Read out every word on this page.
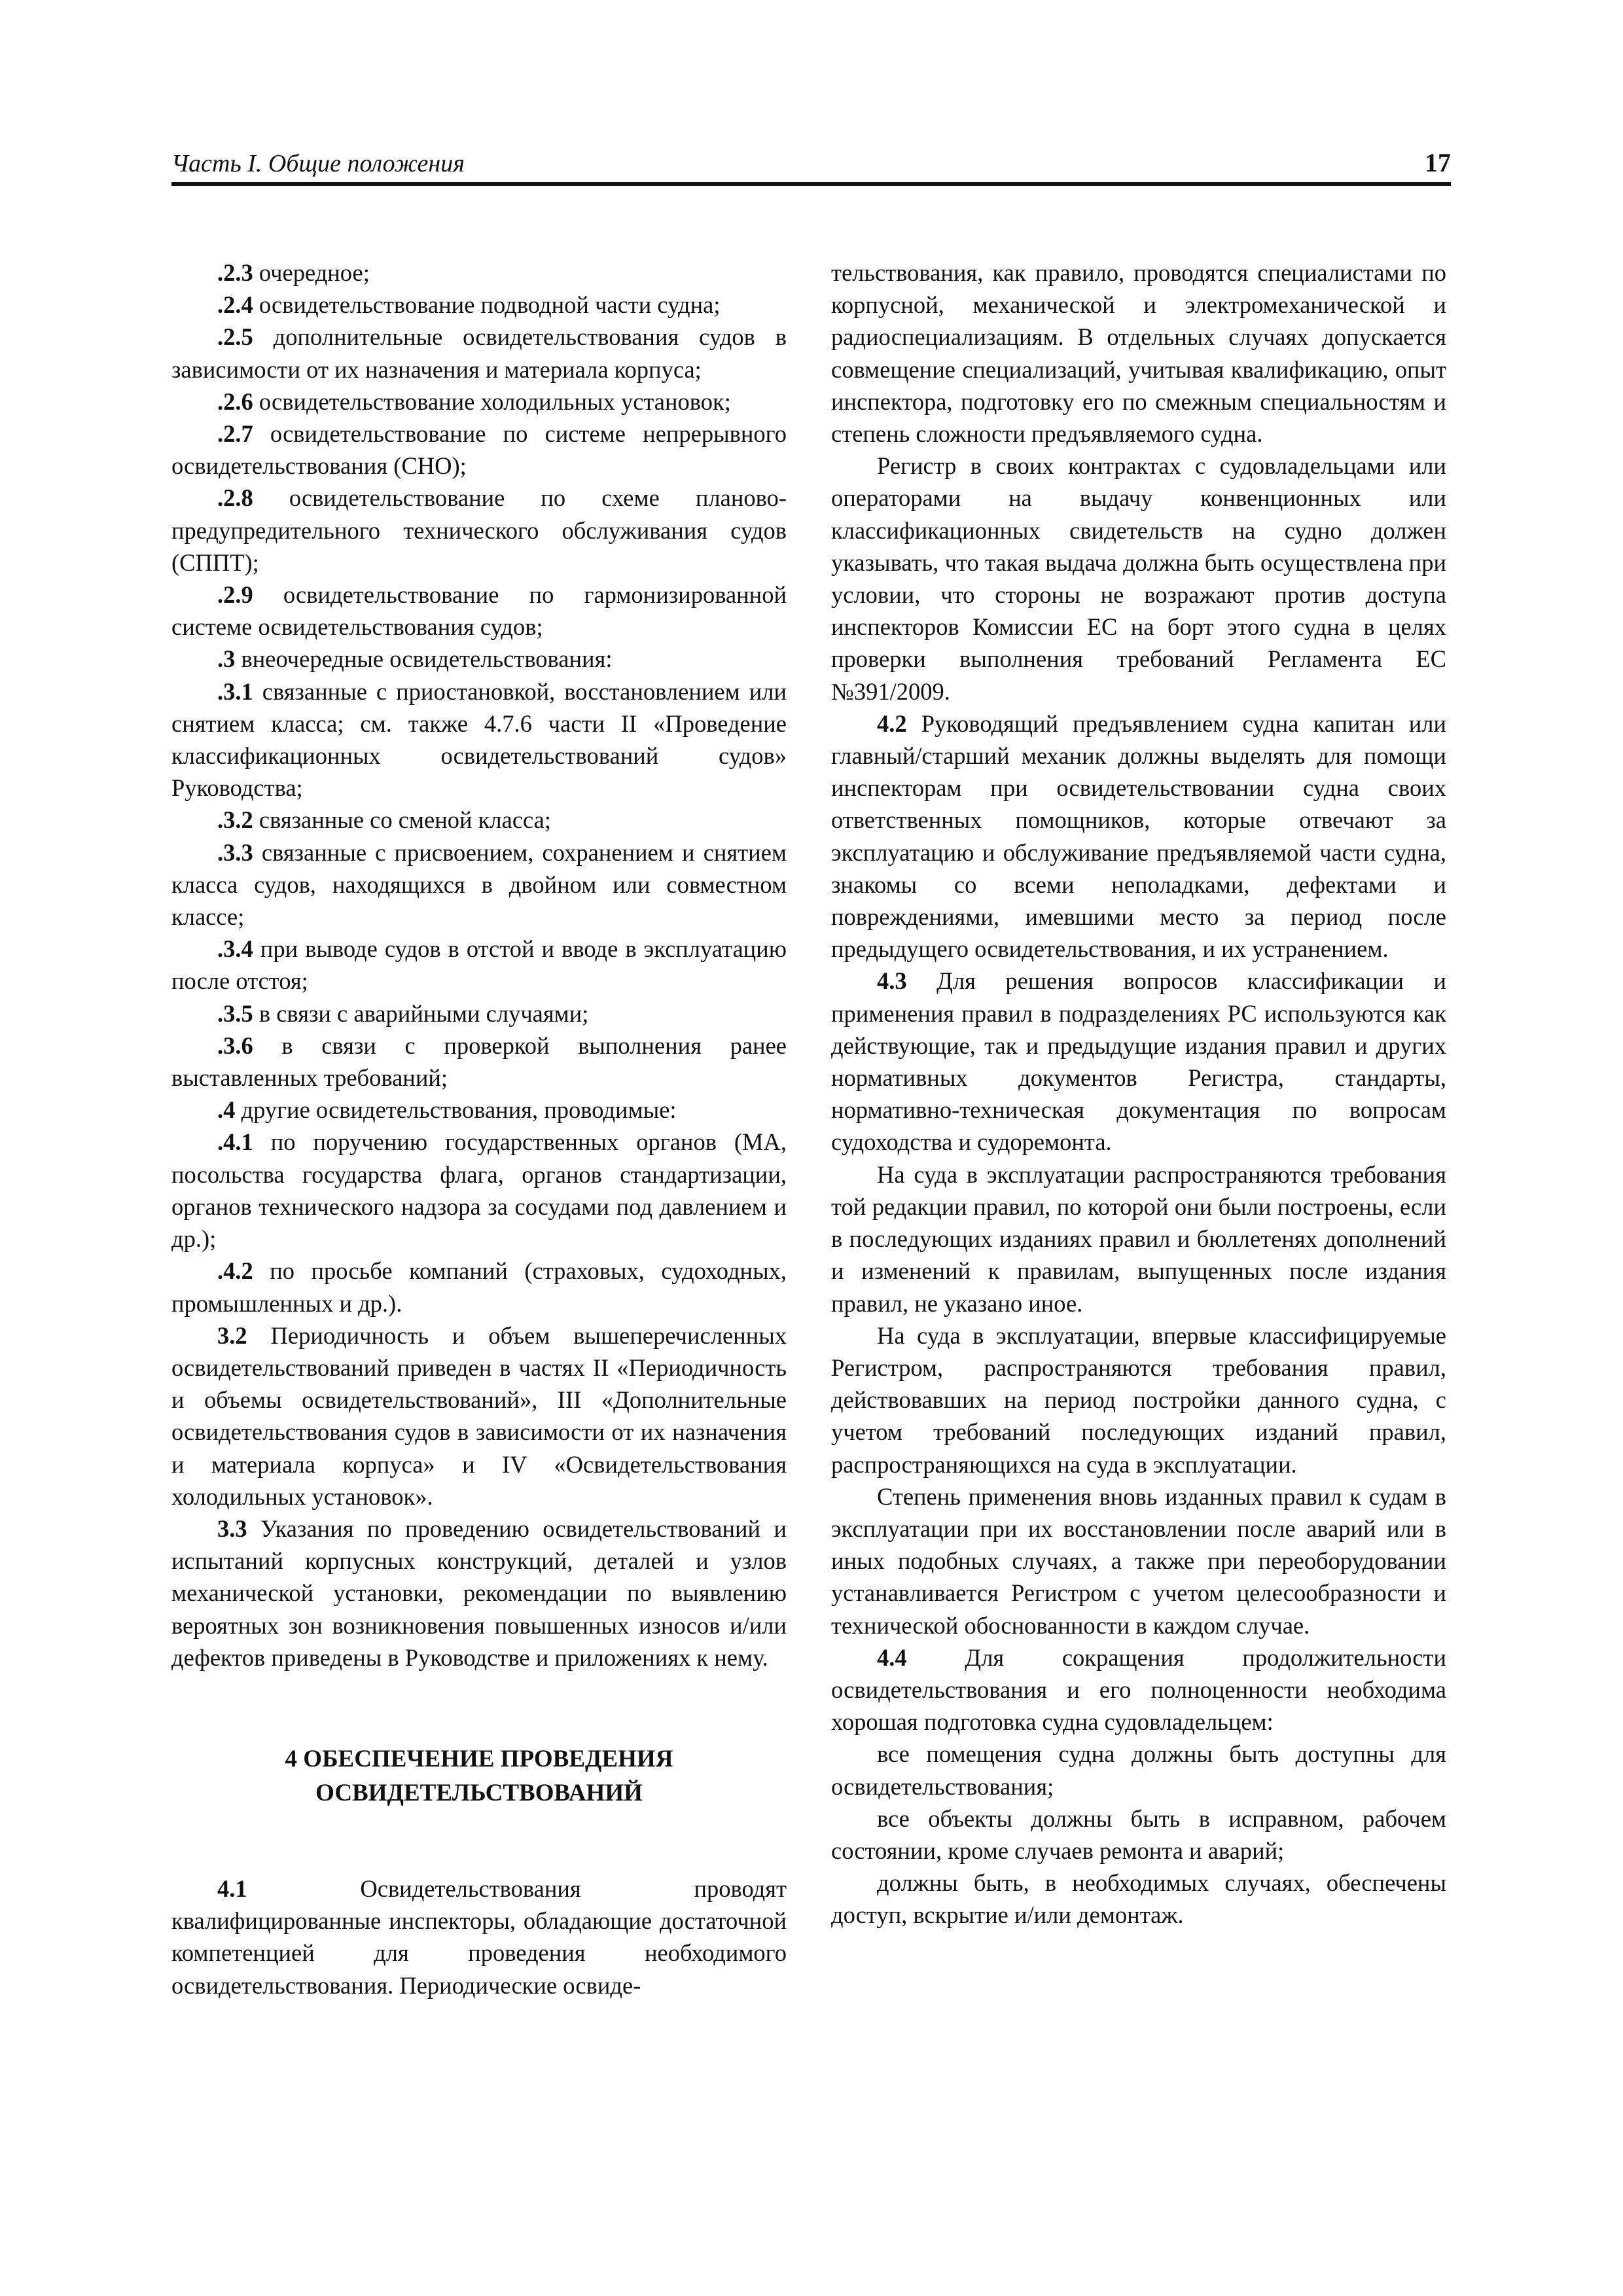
Часть I. Общие положения	17

.2.3 очередное;

.2.4 освидетельствование подводной части судна;

.2.5 дополнительные освидетельствования судов в зависимости от их назначения и материала корпуса;

.2.6 освидетельствование холодильных установок;

.2.7 освидетельствование по системе непрерывного освидетельствования (СНО);

.2.8 освидетельствование по схеме планово-предупредительного технического обслуживания судов (СППТ);

.2.9 освидетельствование по гармонизированной системе освидетельствования судов;

.3 внеочередные освидетельствования:

.3.1 связанные с приостановкой, восстановлением или снятием класса; см. также 4.7.6 части II «Проведение классификационных освидетельствований судов» Руководства;

.3.2 связанные со сменой класса;

.3.3 связанные с присвоением, сохранением и снятием класса судов, находящихся в двойном или совместном классе;

.3.4 при выводе судов в отстой и вводе в эксплуатацию после отстоя;

.3.5 в связи с аварийными случаями;

.3.6 в связи с проверкой выполнения ранее выставленных требований;

.4 другие освидетельствования, проводимые:

.4.1 по поручению государственных органов (МА, посольства государства флага, органов стандартизации, органов технического надзора за сосудами под давлением и др.);

.4.2 по просьбе компаний (страховых, судоходных, промышленных и др.).

3.2 Периодичность и объем вышеперечисленных освидетельствований приведен в частях II «Периодичность и объемы освидетельствований», III «Дополнительные освидетельствования судов в зависимости от их назначения и материала корпуса» и IV «Освидетельствования холодильных установок».

3.3 Указания по проведению освидетельствований и испытаний корпусных конструкций, деталей и узлов механической установки, рекомендации по выявлению вероятных зон возникновения повышенных износов и/или дефектов приведены в Руководстве и приложениях к нему.

4 ОБЕСПЕЧЕНИЕ ПРОВЕДЕНИЯ
ОСВИДЕТЕЛЬСТВОВАНИЙ

4.1 Освидетельствования проводят квалифицированные инспекторы, обладающие достаточной компетенцией для проведения необходимого освидетельствования. Периодические освиде-

тельствования, как правило, проводятся специалистами по корпусной, механической и электромеханической и радиоспециализациям. В отдельных случаях допускается совмещение специализаций, учитывая квалификацию, опыт инспектора, подготовку его по смежным специальностям и степень сложности предъявляемого судна.

Регистр в своих контрактах с судовладельцами или операторами на выдачу конвенционных или классификационных свидетельств на судно должен указывать, что такая выдача должна быть осуществлена при условии, что стороны не возражают против доступа инспекторов Комиссии ЕС на борт этого судна в целях проверки выполнения требований Регламента ЕС №391/2009.

4.2 Руководящий предъявлением судна капитан или главный/старший механик должны выделять для помощи инспекторам при освидетельствовании судна своих ответственных помощников, которые отвечают за эксплуатацию и обслуживание предъявляемой части судна, знакомы со всеми неполадками, дефектами и повреждениями, имевшими место за период после предыдущего освидетельствования, и их устранением.

4.3 Для решения вопросов классификации и применения правил в подразделениях РС используются как действующие, так и предыдущие издания правил и других нормативных документов Регистра, стандарты, нормативно-техническая документация по вопросам судоходства и судоремонта.

На суда в эксплуатации распространяются требования той редакции правил, по которой они были построены, если в последующих изданиях правил и бюллетенях дополнений и изменений к правилам, выпущенных после издания правил, не указано иное.

На суда в эксплуатации, впервые классифицируемые Регистром, распространяются требования правил, действовавших на период постройки данного судна, с учетом требований последующих изданий правил, распространяющихся на суда в эксплуатации.

Степень применения вновь изданных правил к судам в эксплуатации при их восстановлении после аварий или в иных подобных случаях, а также при переоборудовании устанавливается Регистром с учетом целесообразности и технической обоснованности в каждом случае.

4.4 Для сокращения продолжительности освидетельствования и его полноценности необходима хорошая подготовка судна судовладельцем:

все помещения судна должны быть доступны для освидетельствования;

все объекты должны быть в исправном, рабочем состоянии, кроме случаев ремонта и аварий;

должны быть, в необходимых случаях, обеспечены доступ, вскрытие и/или демонтаж.
